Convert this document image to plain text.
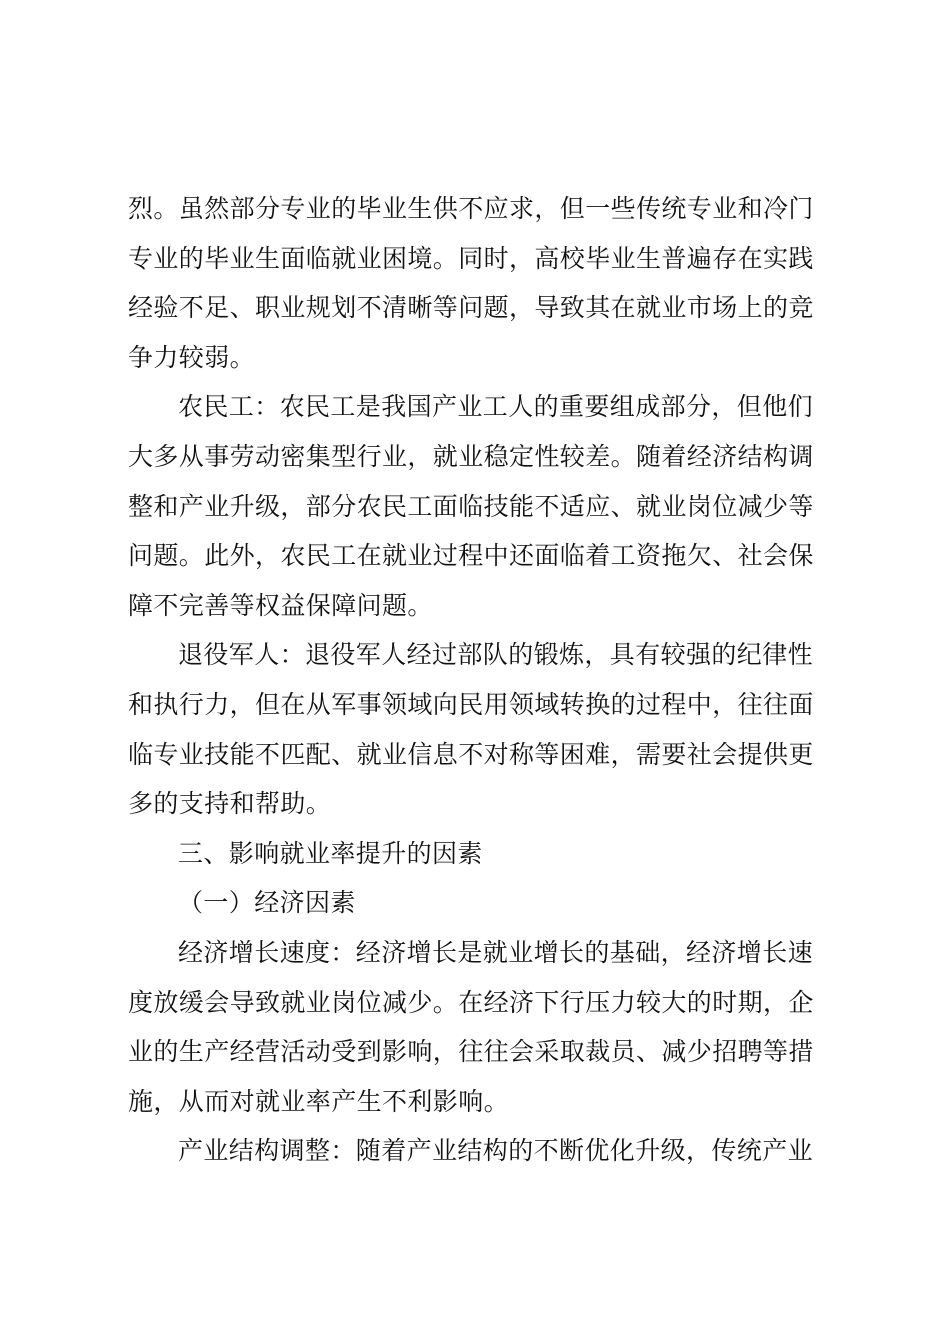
烈。虽然部分专业的毕业生供不应求，但一些传统专业和冷门
专业的毕业生面临就业困境。同时，高校毕业生普遍存在实践
经验不足、职业规划不清晰等问题，导致其在就业市场上的竞
争力较弱。
农民工：农民工是我国产业工人的重要组成部分，但他们
大多从事劳动密集型行业，就业稳定性较差。随着经济结构调
整和产业升级，部分农民工面临技能不适应、就业岗位减少等
问题。此外，农民工在就业过程中还面临着工资拖欠、社会保
障不完善等权益保障问题。
退役军人：退役军人经过部队的锻炼，具有较强的纪律性
和执行力，但在从军事领域向民用领域转换的过程中，往往面
临专业技能不匹配、就业信息不对称等困难，需要社会提供更
多的支持和帮助。
三、影响就业率提升的因素
（一）经济因素
经济增长速度：经济增长是就业增长的基础，经济增长速
度放缓会导致就业岗位减少。在经济下行压力较大的时期，企
业的生产经营活动受到影响，往往会采取裁员、减少招聘等措
施，从而对就业率产生不利影响。
产业结构调整：随着产业结构的不断优化升级，传统产业
